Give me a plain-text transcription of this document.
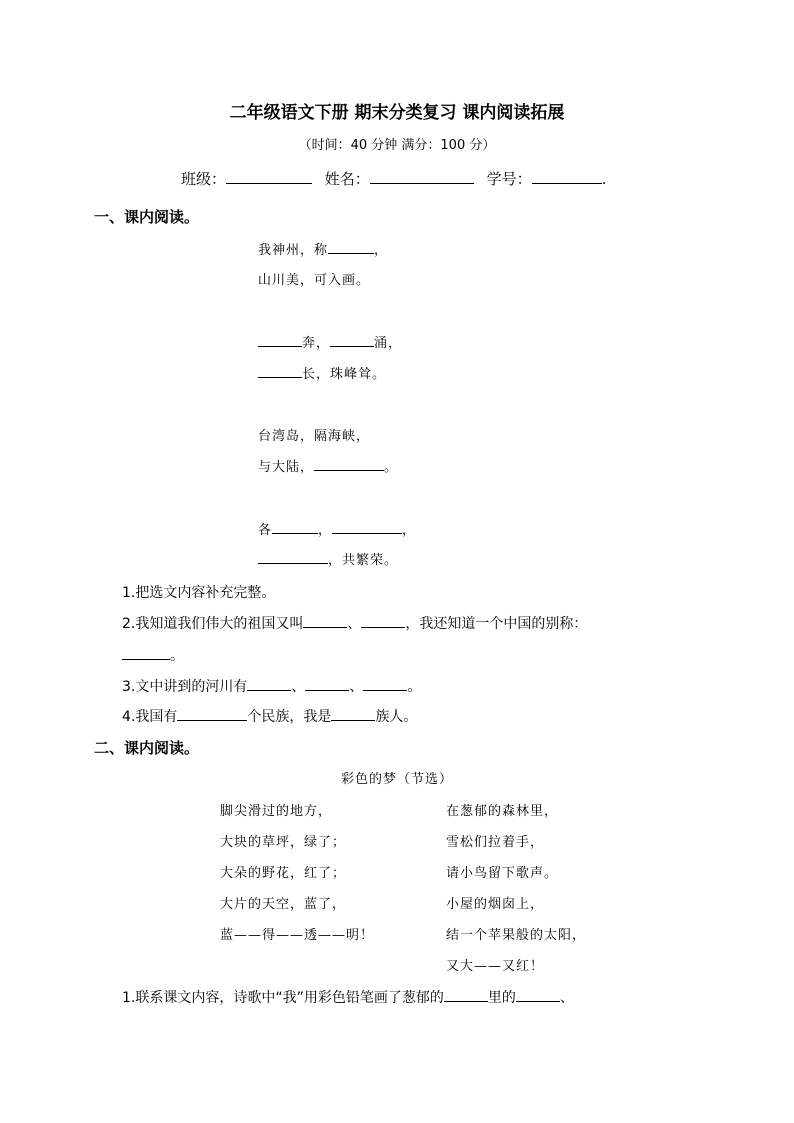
二年级语文下册 期末分类复习 课内阅读拓展
（时间：40 分钟 满分：100 分）
班级：	姓名：	学号：	.
一、课内阅读。
我神州，称	，
山川美，可入画。
奔，	涌，
长，珠峰耸。
台湾岛，隔海峡，
与大陆，	。
各	，	，
，共繁荣。
1.把选文内容补充完整。
2.我知道我们伟大的祖国又叫	、	，我还知道一个中国的别称：
。
3.文中讲到的河川有	、	、	。
4.我国有	个民族，我是	族人。
二、课内阅读。
彩色的梦（节选）
脚尖滑过的地方，
大块的草坪，绿了；
大朵的野花，红了；
大片的天空，蓝了，
蓝——得——透——明！
在葱郁的森林里，
雪松们拉着手，
请小鸟留下歌声。
小屋的烟囱上，
结一个苹果般的太阳，
又大——又红！
1.联系课文内容，诗歌中“我”用彩色铅笔画了葱郁的	里的	、
